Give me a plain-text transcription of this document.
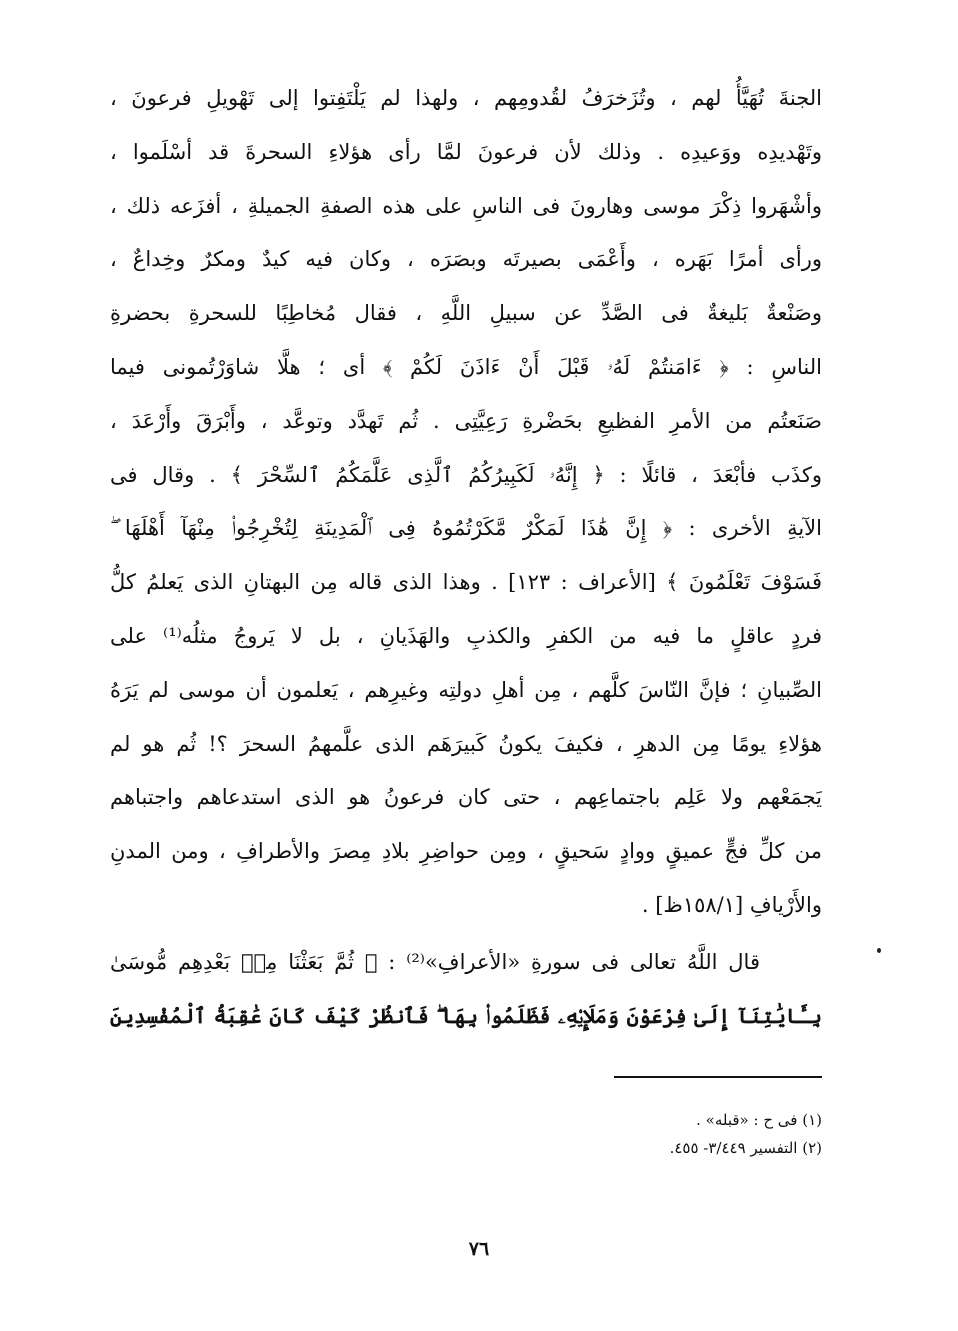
الجنةَ تُهَيَّأُ لهم ، وتُزَخرَفُ لقُدومِهم ، ولهذا لم يَلْتَفِتوا إلى تَهْويلِ فرعونَ ،
وتَهْديدِه ووَعيدِه . وذلك لأن فرعونَ لمَّا رأى هؤلاءِ السحرةَ قد أسْلَموا ،
وأشْهَروا ذِكْرَ موسى وهارونَ فى الناسِ على هذه الصفةِ الجميلةِ ، أفزَعه ذلك ،
ورأى أمرًا بَهَره ، وأَعْمَى بصيرتَه وبصَرَه ، وكان فيه كيدٌ ومكرٌ وخِداعٌ ،
وصَنْعةٌ بَليغةٌ فى الصَّدِّ عن سبيلِ اللَّهِ ، فقال مُخاطِبًا للسحرةِ بحضرةِ
الناسِ : ﴿ ءَامَنتُمْ لَهُۥ قَبْلَ أَنْ ءَاذَنَ لَكُمْ ﴾ أى ؛ هلَّا شاوَرْتُمونى فيما
صَنَعتُم من الأمرِ الفظيعِ بحَضْرةِ رَعِيَّتِى . ثُم تَهدَّد وتوعَّد ، وأَبْرَقَ وأَرْعَدَ ،
وكذَب فأبْعَدَ ، قائلًا : ﴿ إِنَّهُۥ لَكَبِيرُكُمُ ٱلَّذِى عَلَّمَكُمُ ٱلسِّحْرَ ﴾ . وقال فى
الآيةِ الأخرى : ﴿ إِنَّ هَٰذَا لَمَكْرٌ مَّكَرْتُمُوهُ فِى ٱلْمَدِينَةِ لِتُخْرِجُوا۟ مِنْهَآ أَهْلَهَا ۖ
فَسَوْفَ تَعْلَمُونَ ﴾ [الأعراف : ١٢٣] . وهذا الذى قاله مِن البهتانِ الذى يَعلمُ كلُّ
فردٍ عاقلٍ ما فيه من الكفرِ والكذبِ والهَذَيانِ ، بل لا يَروجُ مثلُه⁽¹⁾ على
الصِّبيانِ ؛ فإنَّ النّاسَ كلَّهم ، مِن أهلِ دولتِه وغيرِهم ، يَعلمون أن موسى لم يَرَهُ
هؤلاءِ يومًا مِن الدهرِ ، فكيفَ يكونُ كَبيرَهَم الذى علَّمهمُ السحرَ ؟! ثُم هو لم
يَجمَعْهم ولا عَلِم باجتماعِهم ، حتى كان فرعونُ هو الذى استدعاهم واجتباهم
من كلِّ فجٍّ عميقٍ ووادٍ سَحيقٍ ، ومِن حواضِرِ بلادِ مِصرَ والأطرافِ ، ومن المدنِ
والأَرْيافِ [١٥٨/١ظ] .
قال اللَّهُ تعالى فى سورةِ «الأعرافِ»⁽²⁾ : ﴿ ثُمَّ بَعَثْنَا مِنۢ بَعْدِهِم مُّوسَىٰ
بِـَٔايَٰتِنَآ إِلَىٰ فِرْعَوْنَ وَمَلَإِي۟هِۦ فَظَلَمُوا۟ بِهَا ۖ فَٱنظُرْ كَيْفَ كَانَ عَٰقِبَةُ ٱلْمُفْسِدِينَ
(١) فى ح : «قبله» .
(٢) التفسير ٣/٤٤٩- ٤٥٥.
٧٦
